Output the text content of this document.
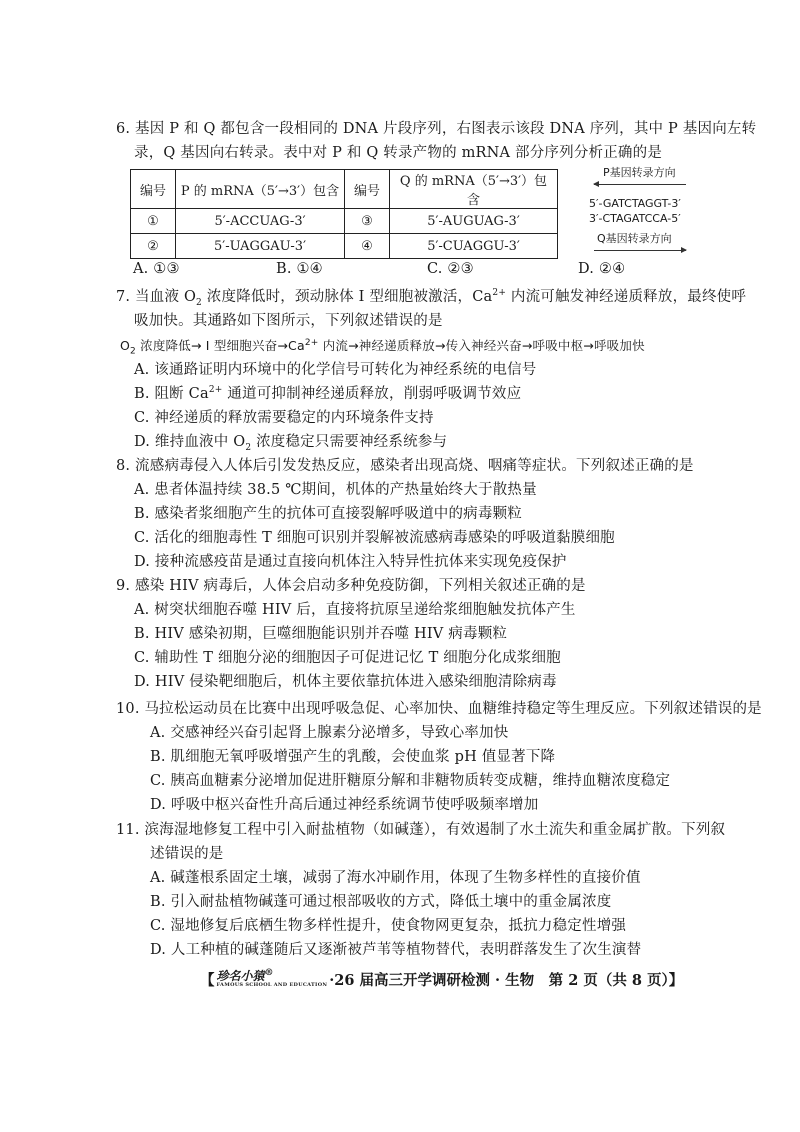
6. 基因 P 和 Q 都包含一段相同的 DNA 片段序列，右图表示该段 DNA 序列，其中 P 基因向左转
录，Q 基因向右转录。表中对 P 和 Q 转录产物的 mRNA 部分序列分析正确的是
编号	P 的 mRNA（5′→3′）包含	编号	Q 的 mRNA（5′→3′）包含
①	5′-ACCUAG-3′	③	5′-AUGUAG-3′
②	5′-UAGGAU-3′	④	5′-CUAGGU-3′
P基因转录方向
5′-GATCTAGGT-3′
3′-CTAGATCCA-5′
Q基因转录方向
A. ①③	B. ①④	C. ②③	D. ②④
7. 当血液 $O_2$ 浓度降低时，颈动脉体 Ⅰ 型细胞被激活，$Ca^{2+}$ 内流可触发神经递质释放，最终使呼
吸加快。其通路如下图所示，下列叙述错误的是
$O_2$ 浓度降低→ Ⅰ 型细胞兴奋$\to Ca^{2+}$ 内流→神经递质释放→传入神经兴奋→呼吸中枢→呼吸加快
A. 该通路证明内环境中的化学信号可转化为神经系统的电信号
B. 阻断 $Ca^{2+}$ 通道可抑制神经递质释放，削弱呼吸调节效应
C. 神经递质的释放需要稳定的内环境条件支持
D. 维持血液中 $O_2$ 浓度稳定只需要神经系统参与
8. 流感病毒侵入人体后引发发热反应，感染者出现高烧、咽痛等症状。下列叙述正确的是
A. 患者体温持续 38.5 ℃期间，机体的产热量始终大于散热量
B. 感染者浆细胞产生的抗体可直接裂解呼吸道中的病毒颗粒
C. 活化的细胞毒性 T 细胞可识别并裂解被流感病毒感染的呼吸道黏膜细胞
D. 接种流感疫苗是通过直接向机体注入特异性抗体来实现免疫保护
9. 感染 HIV 病毒后，人体会启动多种免疫防御，下列相关叙述正确的是
A. 树突状细胞吞噬 HIV 后，直接将抗原呈递给浆细胞触发抗体产生
B. HIV 感染初期，巨噬细胞能识别并吞噬 HIV 病毒颗粒
C. 辅助性 T 细胞分泌的细胞因子可促进记忆 T 细胞分化成浆细胞
D. HIV 侵染靶细胞后，机体主要依靠抗体进入感染细胞清除病毒
10. 马拉松运动员在比赛中出现呼吸急促、心率加快、血糖维持稳定等生理反应。下列叙述错误的是
A. 交感神经兴奋引起肾上腺素分泌增多，导致心率加快
B. 肌细胞无氧呼吸增强产生的乳酸，会使血浆 pH 值显著下降
C. 胰高血糖素分泌增加促进肝糖原分解和非糖物质转变成糖，维持血糖浓度稳定
D. 呼吸中枢兴奋性升高后通过神经系统调节使呼吸频率增加
11. 滨海湿地修复工程中引入耐盐植物（如碱蓬），有效遏制了水土流失和重金属扩散。下列叙
述错误的是
A. 碱蓬根系固定土壤，减弱了海水冲刷作用，体现了生物多样性的直接价值
B. 引入耐盐植物碱蓬可通过根部吸收的方式，降低土壤中的重金属浓度
C. 湿地修复后底栖生物多样性提升，使食物网更复杂，抵抗力稳定性增强
D. 人工种植的碱蓬随后又逐渐被芦苇等植物替代，表明群落发生了次生演替
【 珍名小猿®
FAMOUS SCHOOL AND EDUCATION ·26 届高三开学调研检测 · 生物　第 2 页（共 8 页）】
